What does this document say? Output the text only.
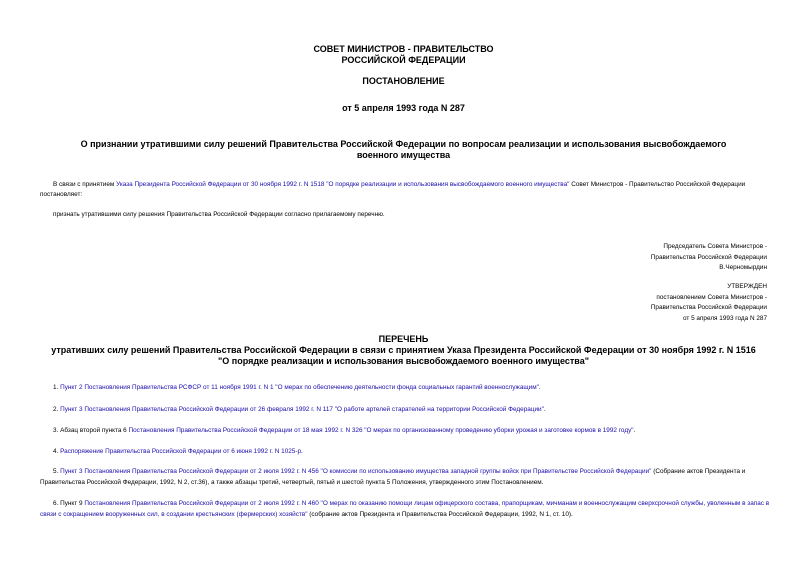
СОВЕТ МИНИСТРОВ - ПРАВИТЕЛЬСТВО
РОССИЙСКОЙ ФЕДЕРАЦИИ
ПОСТАНОВЛЕНИЕ
от 5 апреля 1993 года N 287
О признании утратившими силу решений Правительства Российской Федерации по вопросам реализации и использования высвобождаемого военного имущества
В связи с принятием Указа Президента Российской Федерации от 30 ноября 1992 г. N 1518 "О порядке реализации и использования высвобождаемого военного имущества" Совет Министров - Правительство Российской Федерации постановляет:
признать утратившими силу решения Правительства Российской Федерации согласно прилагаемому перечню.
Председатель Совета Министров -
Правительства Российской Федерации
В.Черномырдин
УТВЕРЖДЕН
постановлением Совета Министров -
Правительства Российской Федерации
от 5 апреля 1993 года N 287
ПЕРЕЧЕНЬ
утративших силу решений Правительства Российской Федерации в связи с принятием Указа Президента Российской Федерации от 30 ноября 1992 г. N 1516 "О порядке реализации и использования высвобождаемого военного имущества"
1. Пункт 2 Постановления Правительства РСФСР от 11 ноября 1991 г. N 1 "О мерах по обеспечению деятельности фонда социальных гарантий военнослужащим".
2. Пункт 3 Постановления Правительства Российской Федерации от 26 февраля 1992 г. N 117 "О работе артелей старателей на территории Российской Федерации".
3. Абзац второй пункта 6 Постановления Правительства Российской Федерации от 18 мая 1992 г. N 326 "О мерах по организованному проведению уборки урожая и заготовке кормов в 1992 году".
4. Распоряжение Правительства Российской Федерации от 6 июня 1992 г. N 1025-р.
5. Пункт 3 Постановления Правительства Российской Федерации от 2 июля 1992 г. N 456 "О комиссии по использованию имущества западной группы войск при Правительстве Российской Федерации" (Собрание актов Президента и Правительства Российской Федерации, 1992, N 2, ст.36), а также абзацы третий, четвертый, пятый и шестой пункта 5 Положения, утвержденного этим Постановлением.
6. Пункт 9 Постановления Правительства Российской Федерации от 2 июля 1992 г. N 460 "О мерах по оказанию помощи лицам офицерского состава, прапорщикам, мичманам и военнослужащим сверхсрочной службы, уволенным в запас в связи с сокращением вооруженных сил, в создании крестьянских (фермерских) хозяйств" (собрание актов Президента и Правительства Российской Федерации, 1992, N 1, ст. 10).
